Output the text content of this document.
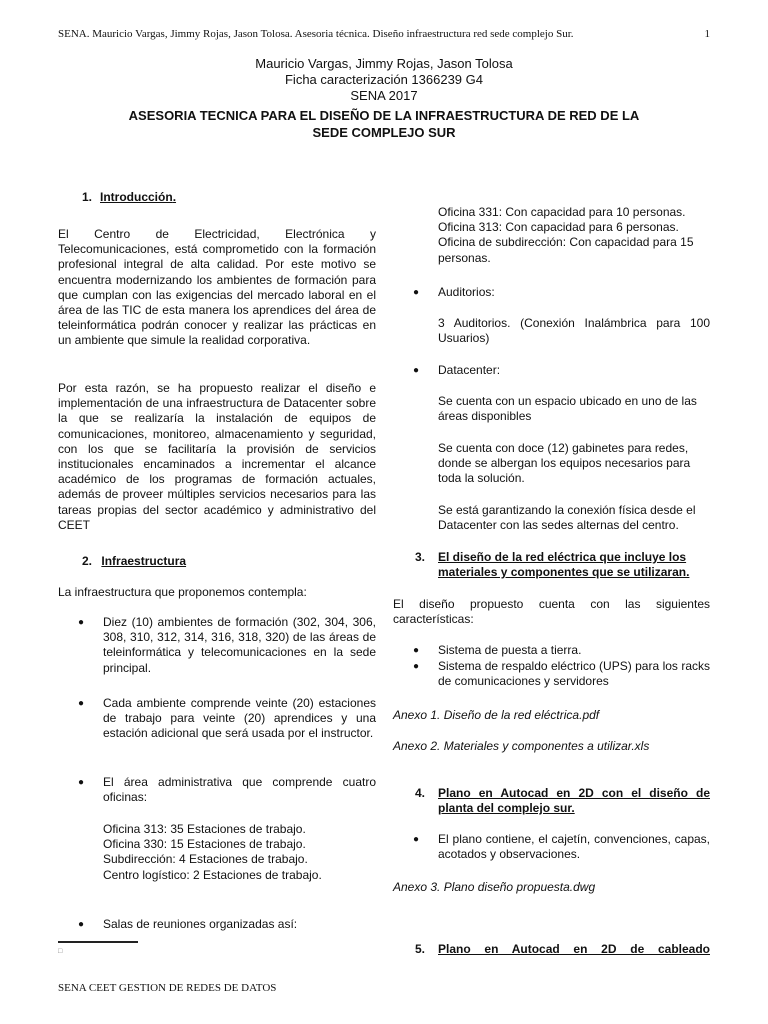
SENA. Mauricio Vargas, Jimmy Rojas, Jason Tolosa. Asesoria técnica. Diseño infraestructura red sede complejo Sur.	1
Mauricio Vargas, Jimmy Rojas, Jason Tolosa
Ficha caracterización 1366239 G4
SENA 2017
ASESORIA TECNICA PARA EL DISEÑO DE LA INFRAESTRUCTURA DE RED DE LA
SEDE COMPLEJO SUR
1. Introducción.
El Centro de Electricidad, Electrónica y Telecomunicaciones, está comprometido con la formación profesional integral de alta calidad. Por este motivo se encuentra modernizando los ambientes de formación para que cumplan con las exigencias del mercado laboral en el área de las TIC de esta manera los aprendices del área de teleinformática podrán conocer y realizar las prácticas en un ambiente que simule la realidad corporativa.
Por esta razón, se ha propuesto realizar el diseño e implementación de una infraestructura de Datacenter sobre la que se realizaría la instalación de equipos de comunicaciones, monitoreo, almacenamiento y seguridad, con los que se facilitaría la provisión de servicios institucionales encaminados a incrementar el alcance académico de los programas de formación actuales, además de proveer múltiples servicios necesarios para las tareas propias del sector académico y administrativo del CEET
2. Infraestructura
La infraestructura que proponemos contempla:
● Diez (10) ambientes de formación (302, 304, 306, 308, 310, 312, 314, 316, 318, 320) de las áreas de teleinformática y telecomunicaciones en la sede principal.
● Cada ambiente comprende veinte (20) estaciones de trabajo para veinte (20) aprendices y una estación adicional que será usada por el instructor.
● El área administrativa que comprende cuatro oficinas:
Oficina 313: 35 Estaciones de trabajo.
Oficina 330: 15 Estaciones de trabajo.
Subdirección: 4 Estaciones de trabajo.
Centro logístico: 2 Estaciones de trabajo.
● Salas de reuniones organizadas así:
Oficina 331: Con capacidad para 10 personas.
Oficina 313: Con capacidad para 6 personas.
Oficina de subdirección: Con capacidad para 15 personas.
● Auditorios:
3 Auditorios. (Conexión Inalámbrica para 100 Usuarios)
● Datacenter:
Se cuenta con un espacio ubicado en uno de las áreas disponibles
Se cuenta con doce (12) gabinetes para redes, donde se albergan los equipos necesarios para toda la solución.
Se está garantizando la conexión física desde el Datacenter con las sedes alternas del centro.
3. El diseño de la red eléctrica que incluye los materiales y componentes que se utilizaran.
El diseño propuesto cuenta con las siguientes características:
● Sistema de puesta a tierra.
● Sistema de respaldo eléctrico (UPS) para los racks de comunicaciones y servidores
Anexo 1. Diseño de la red eléctrica.pdf
Anexo 2. Materiales y componentes a utilizar.xls
4. Plano en Autocad en 2D con el diseño de planta del complejo sur.
● El plano contiene, el cajetín, convenciones, capas, acotados y observaciones.
Anexo 3. Plano diseño propuesta.dwg
5. Plano en Autocad en 2D de cableado
□
SENA CEET GESTION DE REDES DE DATOS
